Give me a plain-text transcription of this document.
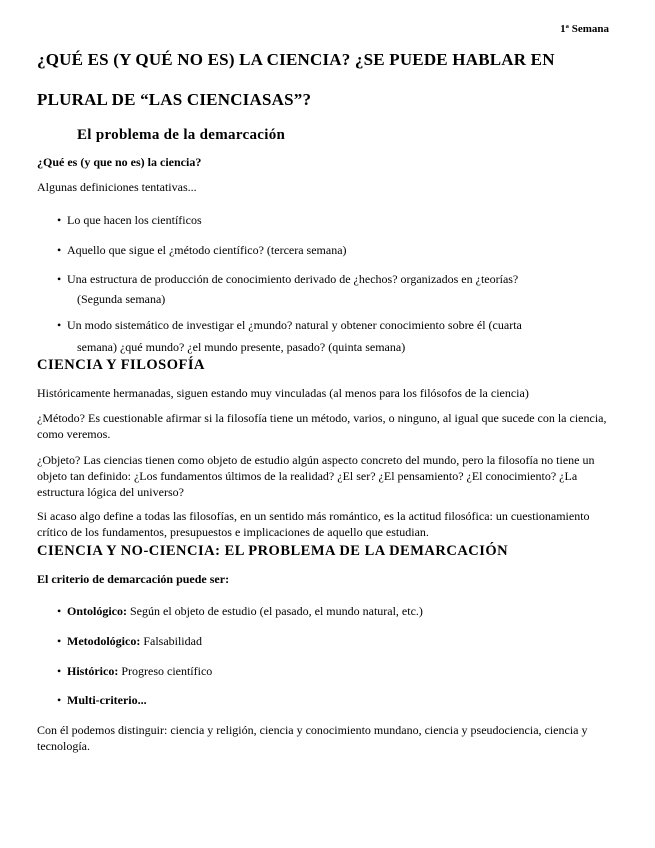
1ª Semana
¿QUÉ ES (Y QUÉ NO ES) LA CIENCIA? ¿SE PUEDE HABLAR EN
PLURAL DE “LAS CIENCIASAS”?
El problema de la demarcación
¿Qué es (y que no es) la ciencia?
Algunas definiciones tentativas...
• Lo que hacen los científicos
• Aquello que sigue el ¿método científico? (tercera semana)
• Una estructura de producción de conocimiento derivado de ¿hechos? organizados en ¿teorías?
(Segunda semana)
• Un modo sistemático de investigar el ¿mundo? natural y obtener conocimiento sobre él (cuarta
semana) ¿qué mundo? ¿el mundo presente, pasado? (quinta semana)
CIENCIA Y FILOSOFÍA
Históricamente hermanadas, siguen estando muy vinculadas (al menos para los filósofos de la ciencia)
¿Método? Es cuestionable afirmar si la filosofía tiene un método, varios, o ninguno, al igual que sucede con la ciencia, como veremos.
¿Objeto? Las ciencias tienen como objeto de estudio algún aspecto concreto del mundo, pero la filosofía no tiene un objeto tan definido: ¿Los fundamentos últimos de la realidad? ¿El ser? ¿El pensamiento? ¿El conocimiento? ¿La estructura lógica del universo?
Si acaso algo define a todas las filosofías, en un sentido más romántico, es la actitud filosófica: un cuestionamiento crítico de los fundamentos, presupuestos e implicaciones de aquello que estudian.
CIENCIA Y NO-CIENCIA: EL PROBLEMA DE LA DEMARCACIÓN
El criterio de demarcación puede ser:
• Ontológico: Según el objeto de estudio (el pasado, el mundo natural, etc.)
• Metodológico: Falsabilidad
• Histórico: Progreso científico
• Multi-criterio...
Con él podemos distinguir: ciencia y religión, ciencia y conocimiento mundano, ciencia y pseudociencia, ciencia y tecnología.
